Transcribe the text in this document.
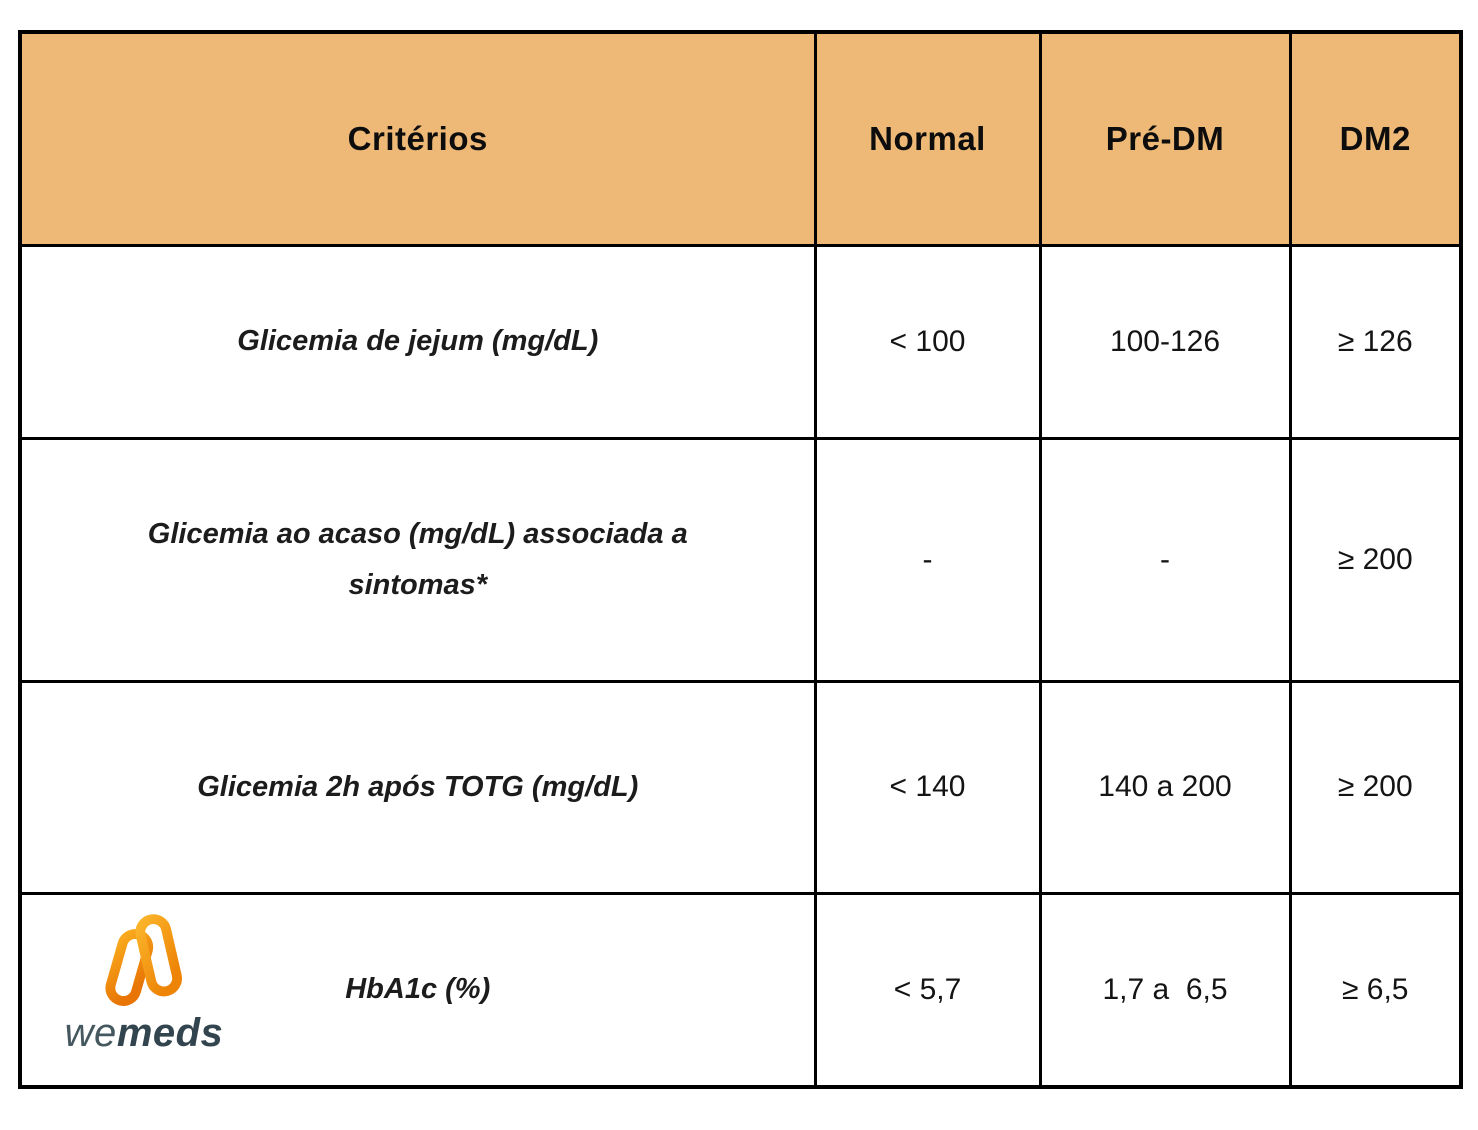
Critérios	Normal	Pré-DM	DM2
Glicemia de jejum (mg/dL)	< 100	100-126	≥ 126
Glicemia ao acaso (mg/dL) associada a sintomas*	-	-	≥ 200
Glicemia 2h após TOTG (mg/dL)	< 140	140 a 200	≥ 200

wemeds
HbA1c (%)	< 5,7	1,7 a  6,5	≥ 6,5
